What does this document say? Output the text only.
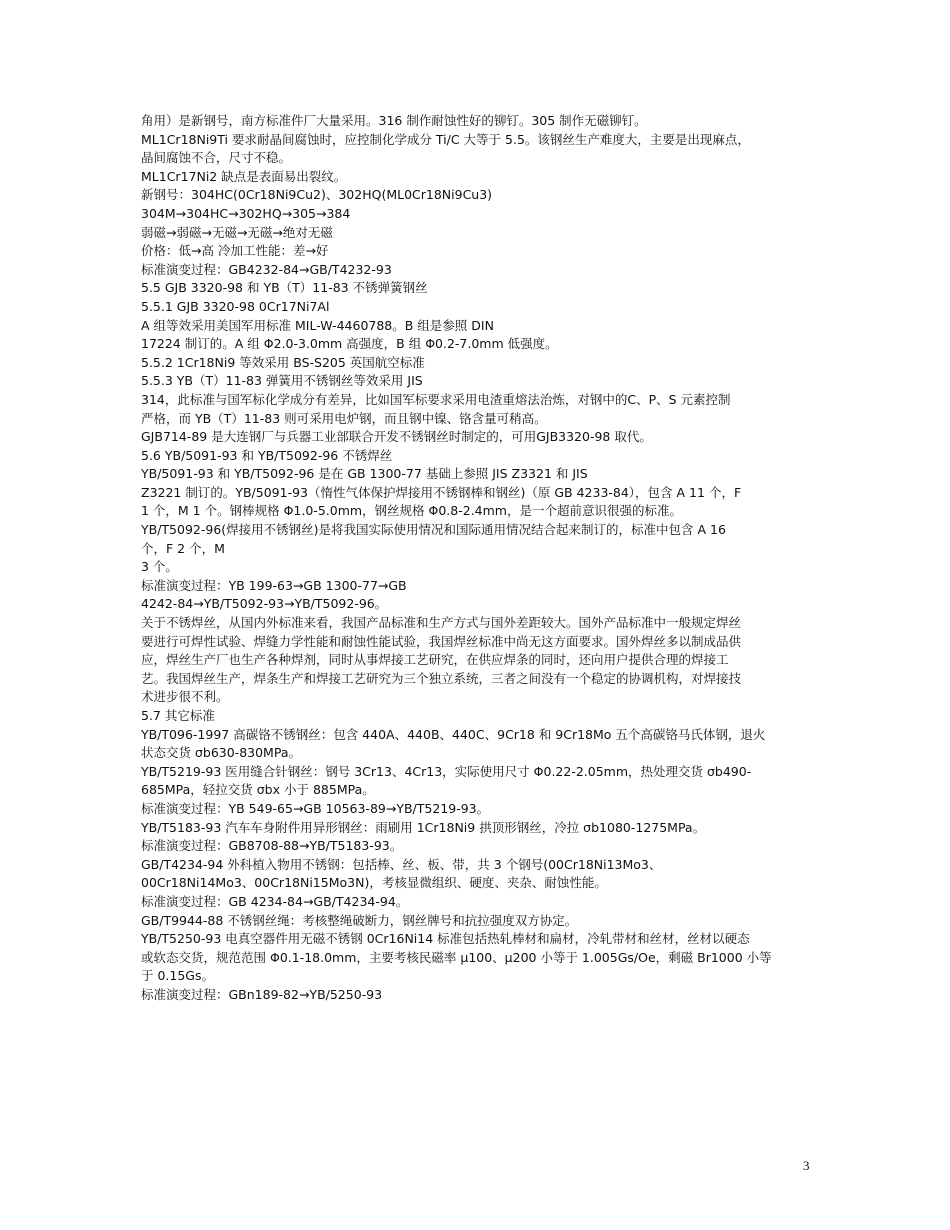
角用）是新钢号，南方标准件厂大量采用。316 制作耐蚀性好的铆钉。305 制作无磁铆钉。
ML1Cr18Ni9Ti 要求耐晶间腐蚀时，应控制化学成分 Ti/C 大等于 5.5。该钢丝生产难度大，主要是出现麻点，
晶间腐蚀不合，尺寸不稳。
ML1Cr17Ni2 缺点是表面易出裂纹。
新钢号：304HC(0Cr18Ni9Cu2)、302HQ(ML0Cr18Ni9Cu3)
304M→304HC→302HQ→305→384
弱磁→弱磁→无磁→无磁→绝对无磁
价格：低→高 冷加工性能：差→好
标准演变过程：GB4232-84→GB/T4232-93
5.5 GJB 3320-98 和 YB（T）11-83 不锈弹簧钢丝
5.5.1 GJB 3320-98 0Cr17Ni7Al
A 组等效采用美国军用标准 MIL-W-4460788。B 组是参照 DIN
17224 制订的。A 组 Φ2.0-3.0mm 高强度，B 组 Φ0.2-7.0mm 低强度。
5.5.2 1Cr18Ni9 等效采用 BS-S205 英国航空标准
5.5.3 YB（T）11-83 弹簧用不锈钢丝等效采用 JIS
314，此标准与国军标化学成分有差异，比如国军标要求采用电渣重熔法治炼，对钢中的C、P、S 元素控制
严格，而 YB（T）11-83 则可采用电炉钢，而且钢中镍、铬含量可稍高。
GJB714-89 是大连钢厂与兵器工业部联合开发不锈钢丝时制定的，可用GJB3320-98 取代。
5.6 YB/5091-93 和 YB/T5092-96 不锈焊丝
YB/5091-93 和 YB/T5092-96 是在 GB 1300-77 基础上参照 JIS Z3321 和 JIS
Z3221 制订的。YB/5091-93（惰性气体保护焊接用不锈钢棒和钢丝)（原 GB 4233-84），包含 A 11 个，F
1 个，M 1 个。钢棒规格 Φ1.0-5.0mm，钢丝规格 Φ0.8-2.4mm，是一个超前意识很强的标准。
YB/T5092-96(焊接用不锈钢丝)是将我国实际使用情况和国际通用情况结合起来制订的，标准中包含 A 16
个，F 2 个，M
3 个。
标准演变过程：YB 199-63→GB 1300-77→GB
4242-84→YB/T5092-93→YB/T5092-96。
关于不锈焊丝，从国内外标准来看，我国产品标准和生产方式与国外差距较大。国外产品标准中一般规定焊丝
要进行可焊性试验、焊缝力学性能和耐蚀性能试验，我国焊丝标准中尚无这方面要求。国外焊丝多以制成品供
应，焊丝生产厂也生产各种焊剂，同时从事焊接工艺研究，在供应焊条的同时，还向用户提供合理的焊接工
艺。我国焊丝生产，焊条生产和焊接工艺研究为三个独立系统，三者之间没有一个稳定的协调机构，对焊接技
术进步很不利。
5.7 其它标准
YB/T096-1997 高碳铬不锈钢丝：包含 440A、440B、440C、9Cr18 和 9Cr18Mo 五个高碳铬马氏体钢，退火
状态交货 σb630-830MPa。
YB/T5219-93 医用缝合针钢丝：钢号 3Cr13、4Cr13，实际使用尺寸 Φ0.22-2.05mm，热处理交货 σb490-
685MPa，轻拉交货 σbx 小于 885MPa。
标准演变过程：YB 549-65→GB 10563-89→YB/T5219-93。
YB/T5183-93 汽车车身附件用异形钢丝：雨刷用 1Cr18Ni9 拱顶形钢丝，冷拉 σb1080-1275MPa。
标准演变过程：GB8708-88→YB/T5183-93。
GB/T4234-94 外科植入物用不锈钢：包括棒、丝、板、带，共 3 个钢号(00Cr18Ni13Mo3、
00Cr18Ni14Mo3、00Cr18Ni15Mo3N)，考核显微组织、硬度、夹杂、耐蚀性能。
标准演变过程：GB 4234-84→GB/T4234-94。
GB/T9944-88 不锈钢丝绳：考核整绳破断力，钢丝牌号和抗拉强度双方协定。
YB/T5250-93 电真空器件用无磁不锈钢 0Cr16Ni14 标准包括热轧棒材和扁材，冷轧带材和丝材，丝材以硬态
或软态交货，规范范围 Φ0.1-18.0mm，主要考核民磁率 μ100、μ200 小等于 1.005Gs/Oe，剩磁 Br1000 小等
于 0.15Gs。
标准演变过程：GBn189-82→YB/5250-93
3
